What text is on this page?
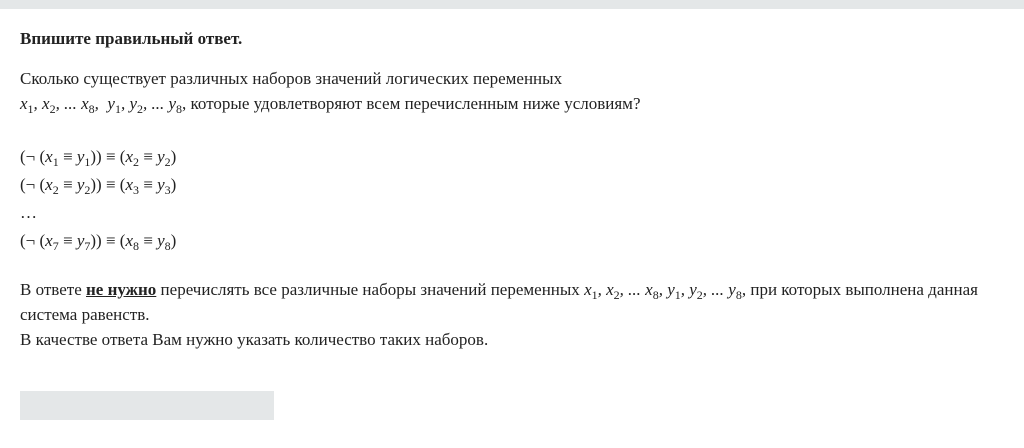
Впишите правильный ответ.

Сколько существует различных наборов значений логических переменных
$x_1$, $x_2$, ... $x_8$,  $y_1$, $y_2$, ... $y_8$, которые удовлетворяют всем перечисленным ниже условиям?

(¬ $(x_1 \equiv y_1)) \equiv (x_2 \equiv y_2)$
(¬ $(x_2 \equiv y_2)) \equiv (x_3 \equiv y_3)$
…
(¬ $(x_7 \equiv y_7)) \equiv (x_8 \equiv y_8)$
В ответе не нужно перечислять все различные наборы значений переменных $x_1$, $x_2$, ... $x_8$, $y_1$, $y_2$, ... $y_8$, при которых выполнена данная система равенств.
В качестве ответа Вам нужно указать количество таких наборов.
